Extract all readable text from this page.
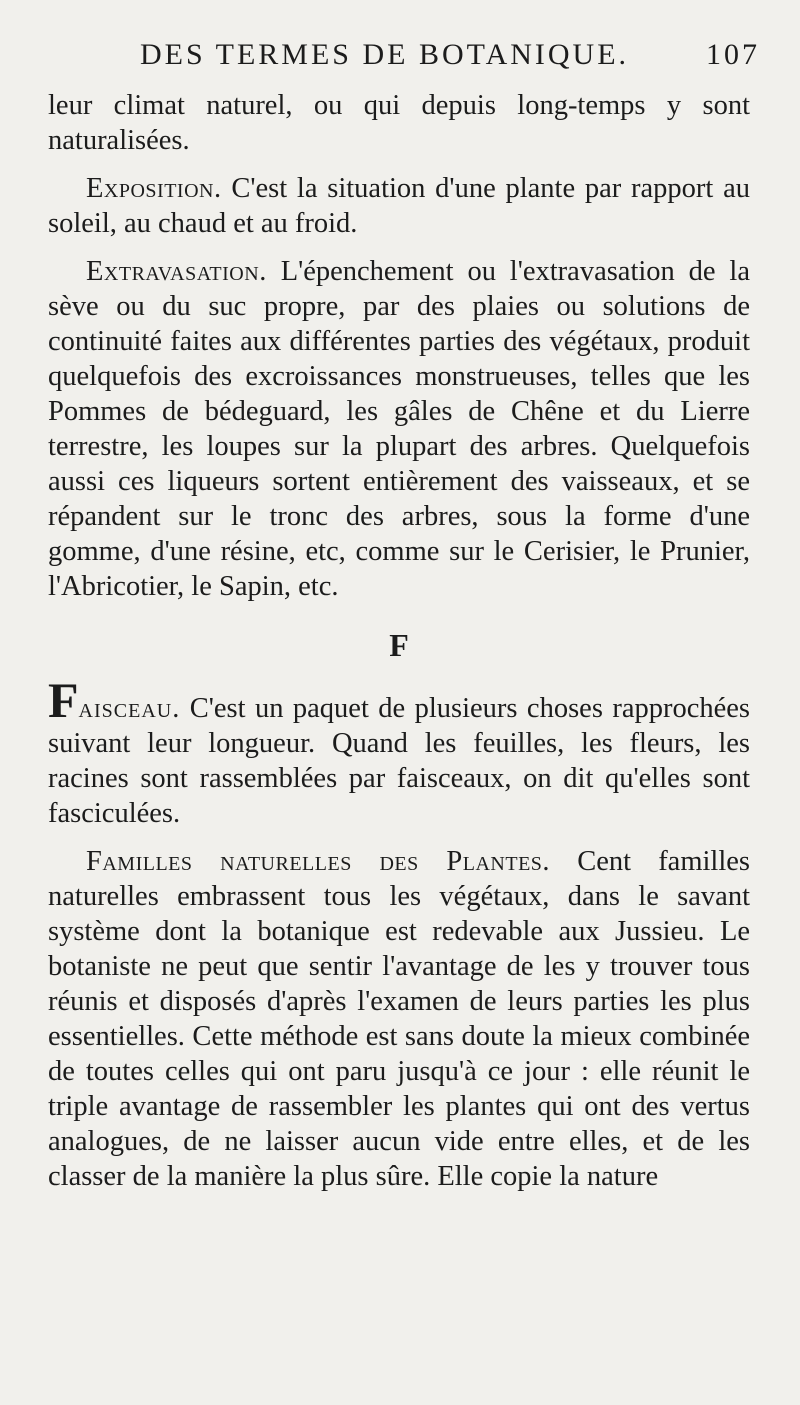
DES TERMES DE BOTANIQUE.	107

leur climat naturel, ou qui depuis long-temps y sont naturalisées.

Exposition. C'est la situation d'une plante par rapport au soleil, au chaud et au froid.

Extravasation. L'épenchement ou l'extravasation de la sève ou du suc propre, par des plaies ou solutions de continuité faites aux différentes parties des végétaux, produit quelquefois des excroissances monstrueuses, telles que les Pommes de bédeguard, les gâles de Chêne et du Lierre terrestre, les loupes sur la plupart des arbres. Quelquefois aussi ces liqueurs sortent entièrement des vaisseaux, et se répandent sur le tronc des arbres, sous la forme d'une gomme, d'une résine, etc, comme sur le Cerisier, le Prunier, l'Abricotier, le Sapin, etc.

F

Faisceau. C'est un paquet de plusieurs choses rapprochées suivant leur longueur. Quand les feuilles, les fleurs, les racines sont rassemblées par faisceaux, on dit qu'elles sont fasciculées.

Familles naturelles des Plantes. Cent familles naturelles embrassent tous les végétaux, dans le savant système dont la botanique est redevable aux Jussieu. Le botaniste ne peut que sentir l'avantage de les y trouver tous réunis et disposés d'après l'examen de leurs parties les plus essentielles. Cette méthode est sans doute la mieux combinée de toutes celles qui ont paru jusqu'à ce jour : elle réunit le triple avantage de rassembler les plantes qui ont des vertus analogues, de ne laisser aucun vide entre elles, et de les classer de la manière la plus sûre. Elle copie la nature
